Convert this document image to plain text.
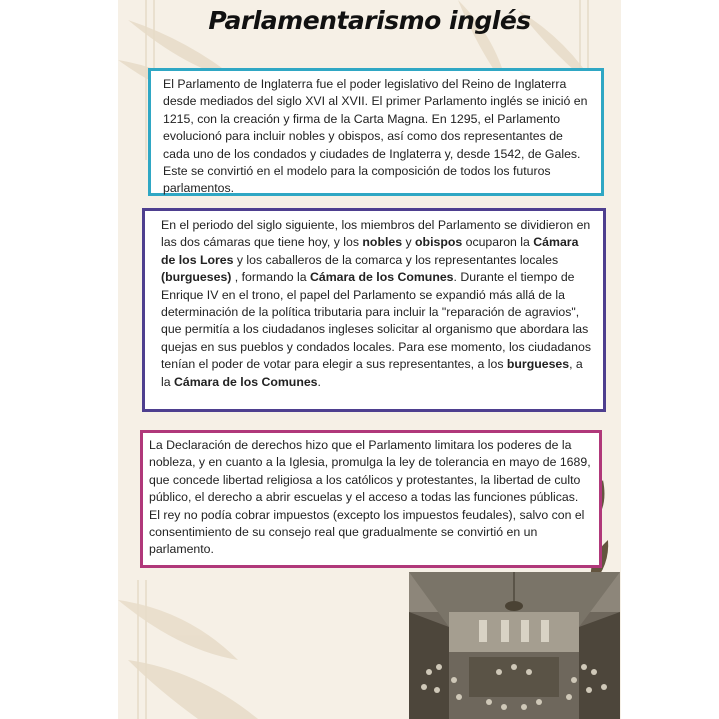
Parlamentarismo inglés

El Parlamento de Inglaterra fue el poder legislativo del Reino de Inglaterra desde mediados del siglo XVI al XVII. El primer Parlamento inglés se inició en 1215, con la creación y firma de la Carta Magna. En 1295, el Parlamento evolucionó para incluir nobles y obispos, así como dos representantes de cada uno de los condados y ciudades de Inglaterra y, desde 1542, de Gales. Este se convirtió en el modelo para la composición de todos los futuros parlamentos.

En el periodo del siglo siguiente, los miembros del Parlamento se dividieron en las dos cámaras que tiene hoy, y los nobles y obispos ocuparon la Cámara de los Lores y los caballeros de la comarca y los representantes locales (burgueses) , formando la Cámara de los Comunes. Durante el tiempo de Enrique IV en el trono, el papel del Parlamento se expandió más allá de la determinación de la política tributaria para incluir la "reparación de agravios", que permitía a los ciudadanos ingleses solicitar al organismo que abordara las quejas en sus pueblos y condados locales. Para ese momento, los ciudadanos tenían el poder de votar para elegir a sus representantes, a los burgueses, a la Cámara de los Comunes.

La Declaración de derechos hizo que el Parlamento limitara los poderes de la nobleza, y en cuanto a la Iglesia, promulga la ley de tolerancia en mayo de 1689, que concede libertad religiosa a los católicos y protestantes, la libertad de culto público, el derecho a abrir escuelas y el acceso a todas las funciones públicas. El rey no podía cobrar impuestos (excepto los impuestos feudales), salvo con el consentimiento de su consejo real que gradualmente se convirtió en un parlamento.
